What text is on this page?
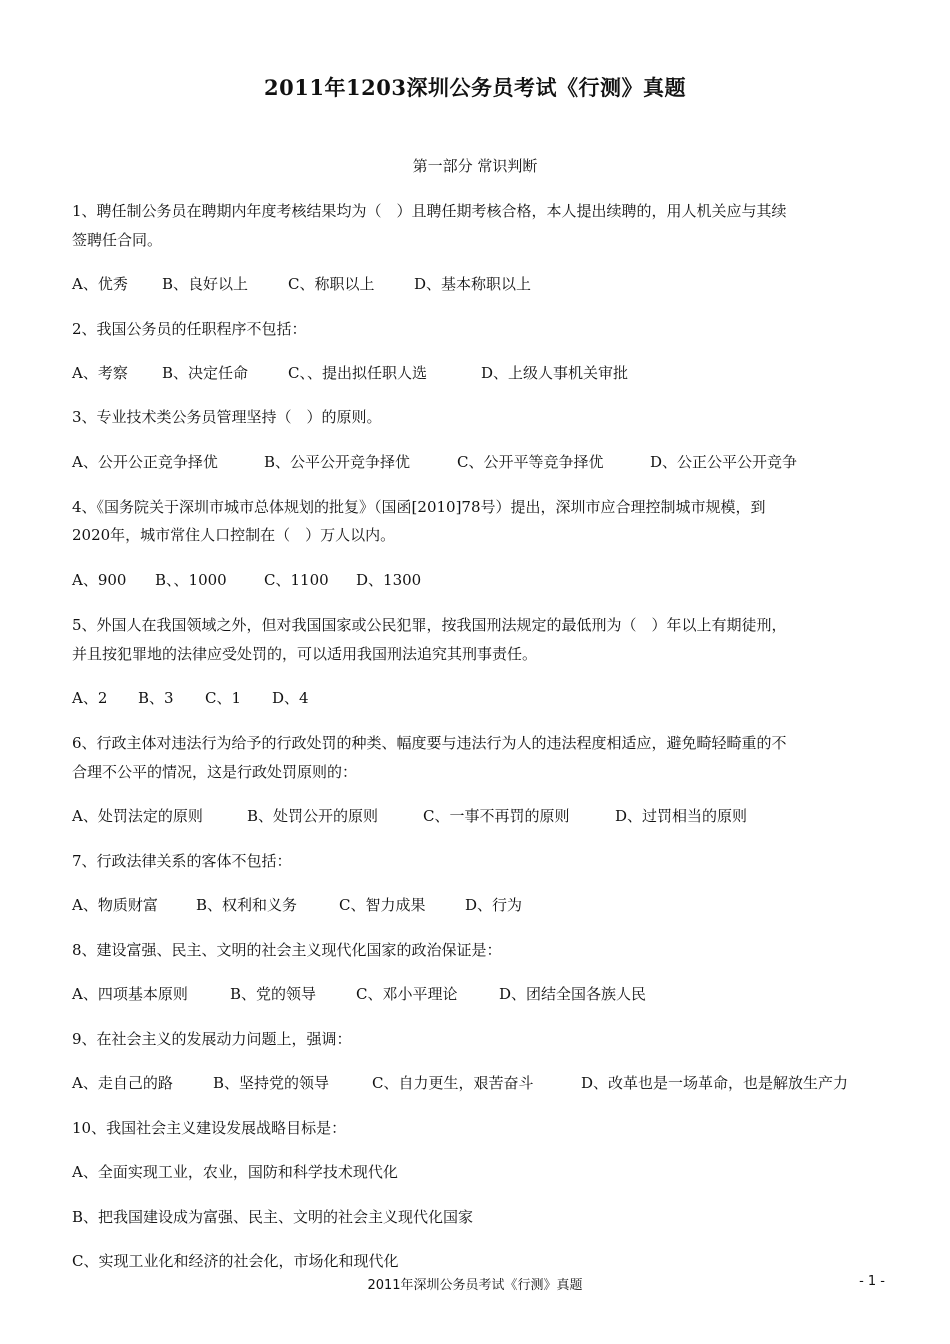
2011年1203深圳公务员考试《行测》真题
第一部分 常识判断
1、聘任制公务员在聘期内年度考核结果均为（　）且聘任期考核合格，本人提出续聘的，用人机关应与其续
签聘任合同。
A、优秀 B、良好以上	C、称职以上	D、基本称职以上
2、我国公务员的任职程序不包括：
A、考察 B、决定任命	C、、提出拟任职人选	D、上级人事机关审批
3、专业技术类公务员管理坚持（　）的原则。
A、公开公正竞争择优	B、公平公开竞争择优	C、公开平等竞争择优	D、公正公平公开竞争
4、《国务院关于深圳市城市总体规划的批复》（国函[2010]78号）提出，深圳市应合理控制城市规模，到
2020年，城市常住人口控制在（　）万人以内。
A、900 B、、1000 C、1100 D、1300
5、外国人在我国领域之外，但对我国国家或公民犯罪，按我国刑法规定的最低刑为（　）年以上有期徒刑，
并且按犯罪地的法律应受处罚的，可以适用我国刑法追究其刑事责任。
A、2 B、3 C、1 D、4
6、行政主体对违法行为给予的行政处罚的种类、幅度要与违法行为人的违法程度相适应，避免畸轻畸重的不
合理不公平的情况，这是行政处罚原则的：
A、处罚法定的原则	B、处罚公开的原则	C、一事不再罚的原则	D、过罚相当的原则
7、行政法律关系的客体不包括：
A、物质财富	B、权利和义务	C、智力成果	D、行为
8、建设富强、民主、文明的社会主义现代化国家的政治保证是：
A、四项基本原则	B、党的领导	C、邓小平理论	D、团结全国各族人民
9、在社会主义的发展动力问题上，强调：
A、走自己的路	B、坚持党的领导	C、自力更生，艰苦奋斗	D、改革也是一场革命，也是解放生产力
10、我国社会主义建设发展战略目标是：
A、全面实现工业，农业，国防和科学技术现代化
B、把我国建设成为富强、民主、文明的社会主义现代化国家
C、实现工业化和经济的社会化，市场化和现代化
2011年深圳公务员考试《行测》真题	- 1 -
